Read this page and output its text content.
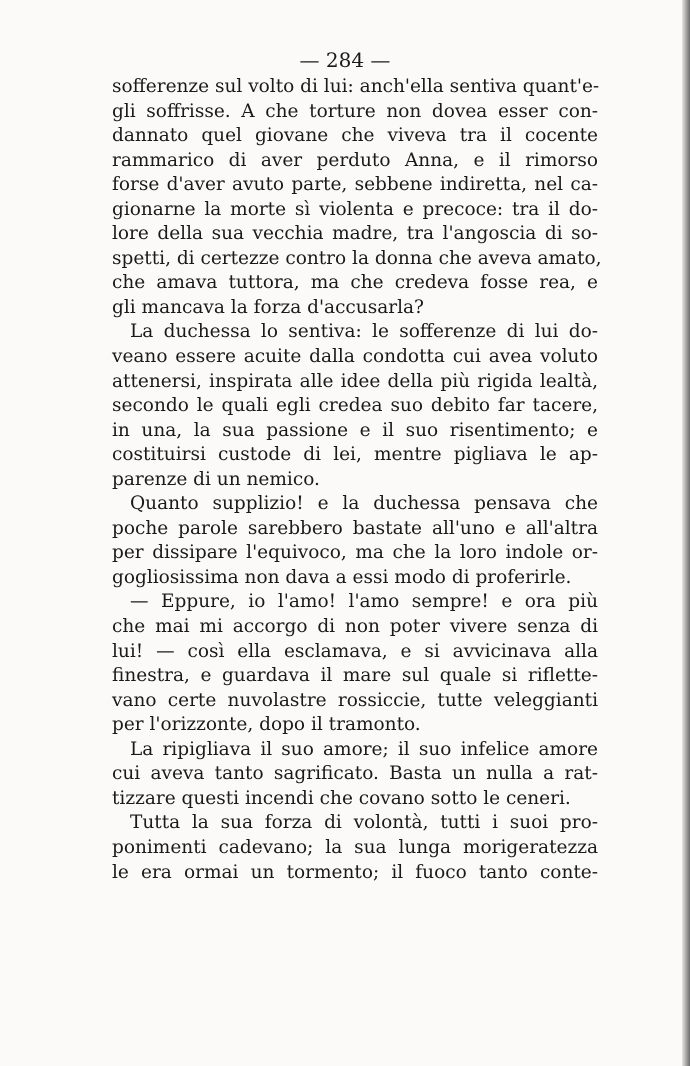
— 284 —
sofferenze sul volto di lui: anch'ella sentiva quant'e-
gli soffrisse. A che torture non dovea esser con-
dannato quel giovane che viveva tra il cocente
rammarico di aver perduto Anna, e il rimorso
forse d'aver avuto parte, sebbene indiretta, nel ca-
gionarne la morte sì violenta e precoce: tra il do-
lore della sua vecchia madre, tra l'angoscia di so-
spetti, di certezze contro la donna che aveva amato,
che amava tuttora, ma che credeva fosse rea, e
gli mancava la forza d'accusarla?
La duchessa lo sentiva: le sofferenze di lui do-
veano essere acuite dalla condotta cui avea voluto
attenersi, inspirata alle idee della più rigida lealtà,
secondo le quali egli credea suo debito far tacere,
in una, la sua passione e il suo risentimento; e
costituirsi custode di lei, mentre pigliava le ap-
parenze di un nemico.
Quanto supplizio! e la duchessa pensava che
poche parole sarebbero bastate all'uno e all'altra
per dissipare l'equivoco, ma che la loro indole or-
gogliosissima non dava a essi modo di proferirle.
— Eppure, io l'amo! l'amo sempre! e ora più
che mai mi accorgo di non poter vivere senza di
lui! — così ella esclamava, e si avvicinava alla
finestra, e guardava il mare sul quale si riflette-
vano certe nuvolastre rossiccie, tutte veleggianti
per l'orizzonte, dopo il tramonto.
La ripigliava il suo amore; il suo infelice amore
cui aveva tanto sagrificato. Basta un nulla a rat-
tizzare questi incendi che covano sotto le ceneri.
Tutta la sua forza di volontà, tutti i suoi pro-
ponimenti cadevano; la sua lunga morigeratezza
le era ormai un tormento; il fuoco tanto conte-
